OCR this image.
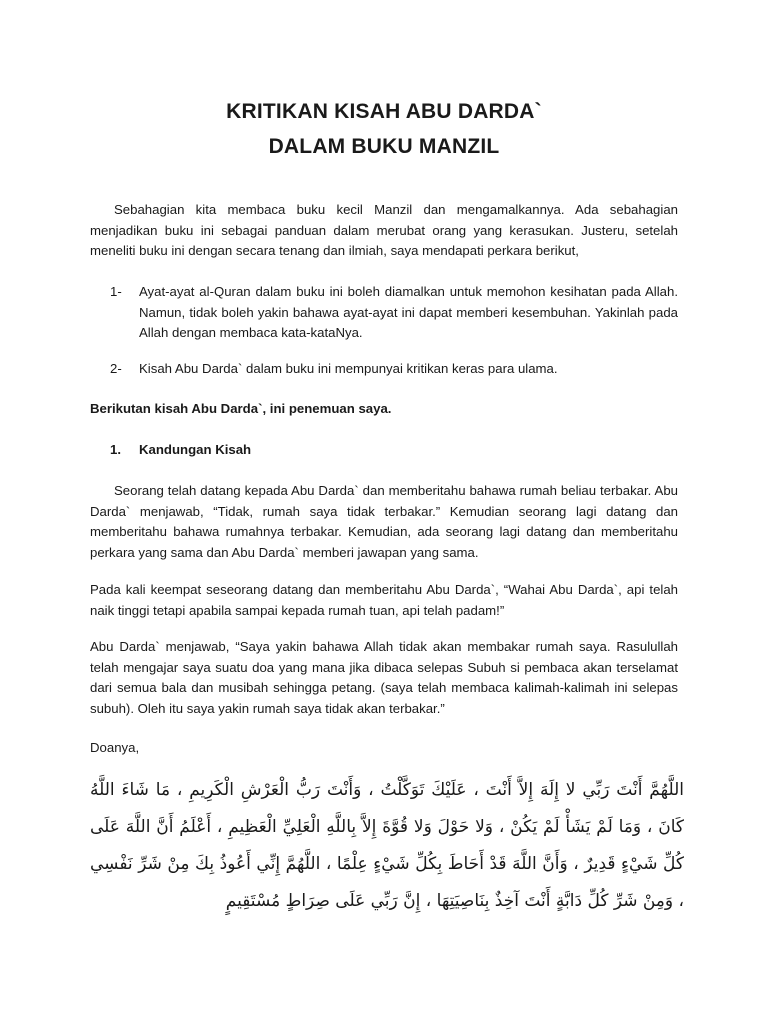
KRITIKAN KISAH ABU DARDA`
DALAM BUKU MANZIL

Sebahagian kita membaca buku kecil Manzil dan mengamalkannya. Ada sebahagian menjadikan buku ini sebagai panduan dalam merubat orang yang kerasukan. Justeru, setelah meneliti buku ini dengan secara tenang dan ilmiah, saya mendapati perkara berikut,

1- Ayat-ayat al-Quran dalam buku ini boleh diamalkan untuk memohon kesihatan pada Allah. Namun, tidak boleh yakin bahawa ayat-ayat ini dapat memberi kesembuhan. Yakinlah pada Allah dengan membaca kata-kataNya.
2- Kisah Abu Darda` dalam buku ini mempunyai kritikan keras para ulama.

Berikutan kisah Abu Darda`, ini penemuan saya.

1. Kandungan Kisah

Seorang telah datang kepada Abu Darda` dan memberitahu bahawa rumah beliau terbakar. Abu Darda` menjawab, “Tidak, rumah saya tidak terbakar.” Kemudian seorang lagi datang dan memberitahu bahawa rumahnya terbakar. Kemudian, ada seorang lagi datang dan memberitahu perkara yang sama dan Abu Darda` memberi jawapan yang sama.

Pada kali keempat seseorang datang dan memberitahu Abu Darda`, “Wahai Abu Darda`, api telah naik tinggi tetapi apabila sampai kepada rumah tuan, api telah padam!”

Abu Darda` menjawab, “Saya yakin bahawa Allah tidak akan membakar rumah saya. Rasulullah telah mengajar saya suatu doa yang mana jika dibaca selepas Subuh si pembaca akan terselamat dari semua bala dan musibah sehingga petang. (saya telah membaca kalimah-kalimah ini selepas subuh). Oleh itu saya yakin rumah saya tidak akan terbakar.”

Doanya,

اللَّهُمَّ أَنْتَ رَبِّي لا إِلَهَ إِلاَّ أَنْتَ ، عَلَيْكَ تَوَكَّلْتُ ، وَأَنْتَ رَبُّ الْعَرْشِ الْكَرِيمِ ، مَا شَاءَ اللَّهُ كَانَ ، وَمَا لَمْ يَشَأْ لَمْ يَكُنْ ، وَلا حَوْلَ وَلا قُوَّةَ إِلاَّ بِاللَّهِ الْعَلِيِّ الْعَظِيمِ ، أَعْلَمُ أَنَّ اللَّهَ عَلَى كُلِّ شَيْءٍ قَدِيرٌ ، وَأَنَّ اللَّهَ قَدْ أَحَاطَ بِكُلِّ شَيْءٍ عِلْمًا ، اللَّهُمَّ إِنِّي أَعُوذُ بِكَ مِنْ شَرِّ نَفْسِي ، وَمِنْ شَرِّ كُلِّ دَابَّةٍ أَنْتَ آخِذٌ بِنَاصِيَتِهَا ، إِنَّ رَبِّي عَلَى صِرَاطٍ مُسْتَقِيمٍ
